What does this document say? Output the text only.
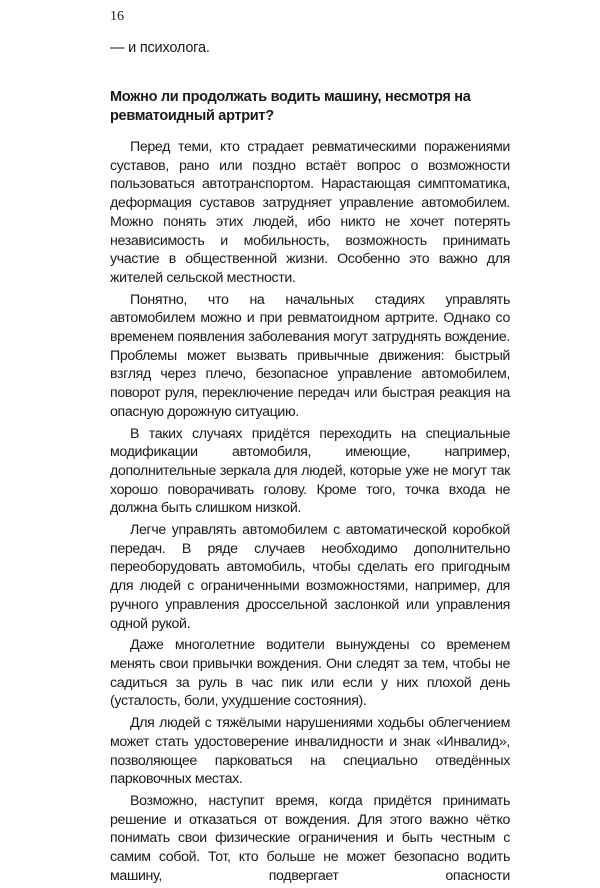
16
— и психолога.
Можно ли продолжать водить машину, несмотря на ревматоидный артрит?

Перед теми, кто страдает ревматическими поражениями суставов, рано или поздно встаёт вопрос о возможности пользоваться автотранспортом. Нарастающая симптоматика, деформация суставов затрудняет управление автомобилем. Можно понять этих людей, ибо никто не хочет потерять независимость и мобильность, возможность принимать участие в общественной жизни. Особенно это важно для жителей сельской местности.

Понятно, что на начальных стадиях управлять автомобилем можно и при ревматоидном артрите. Однако со временем появления заболевания могут затруднять вождение. Проблемы может вызвать привычные движения: быстрый взгляд через плечо, безопасное управление автомобилем, поворот руля, переключение передач или быстрая реакция на опасную дорожную ситуацию.

В таких случаях придётся переходить на специальные модификации автомобиля, имеющие, например, дополнительные зеркала для людей, которые уже не могут так хорошо поворачивать голову. Кроме того, точка входа не должна быть слишком низкой.

Легче управлять автомобилем с автоматической коробкой передач. В ряде случаев необходимо дополнительно переоборудовать автомобиль, чтобы сделать его пригодным для людей с ограниченными возможностями, например, для ручного управления дроссельной заслонкой или управления одной рукой.

Даже многолетние водители вынуждены со временем менять свои привычки вождения. Они следят за тем, чтобы не садиться за руль в час пик или если у них плохой день (усталость, боли, ухудшение состояния).

Для людей с тяжёлыми нарушениями ходьбы облегчением может стать удостоверение инвалидности и знак «Инвалид», позволяющее парковаться на специально отведённых парковочных местах.

Возможно, наступит время, когда придётся принимать решение и отказаться от вождения. Для этого важно чётко понимать свои физические ограничения и быть честным с самим собой. Тот, кто больше не может безопасно водить машину, подвергает опасности
